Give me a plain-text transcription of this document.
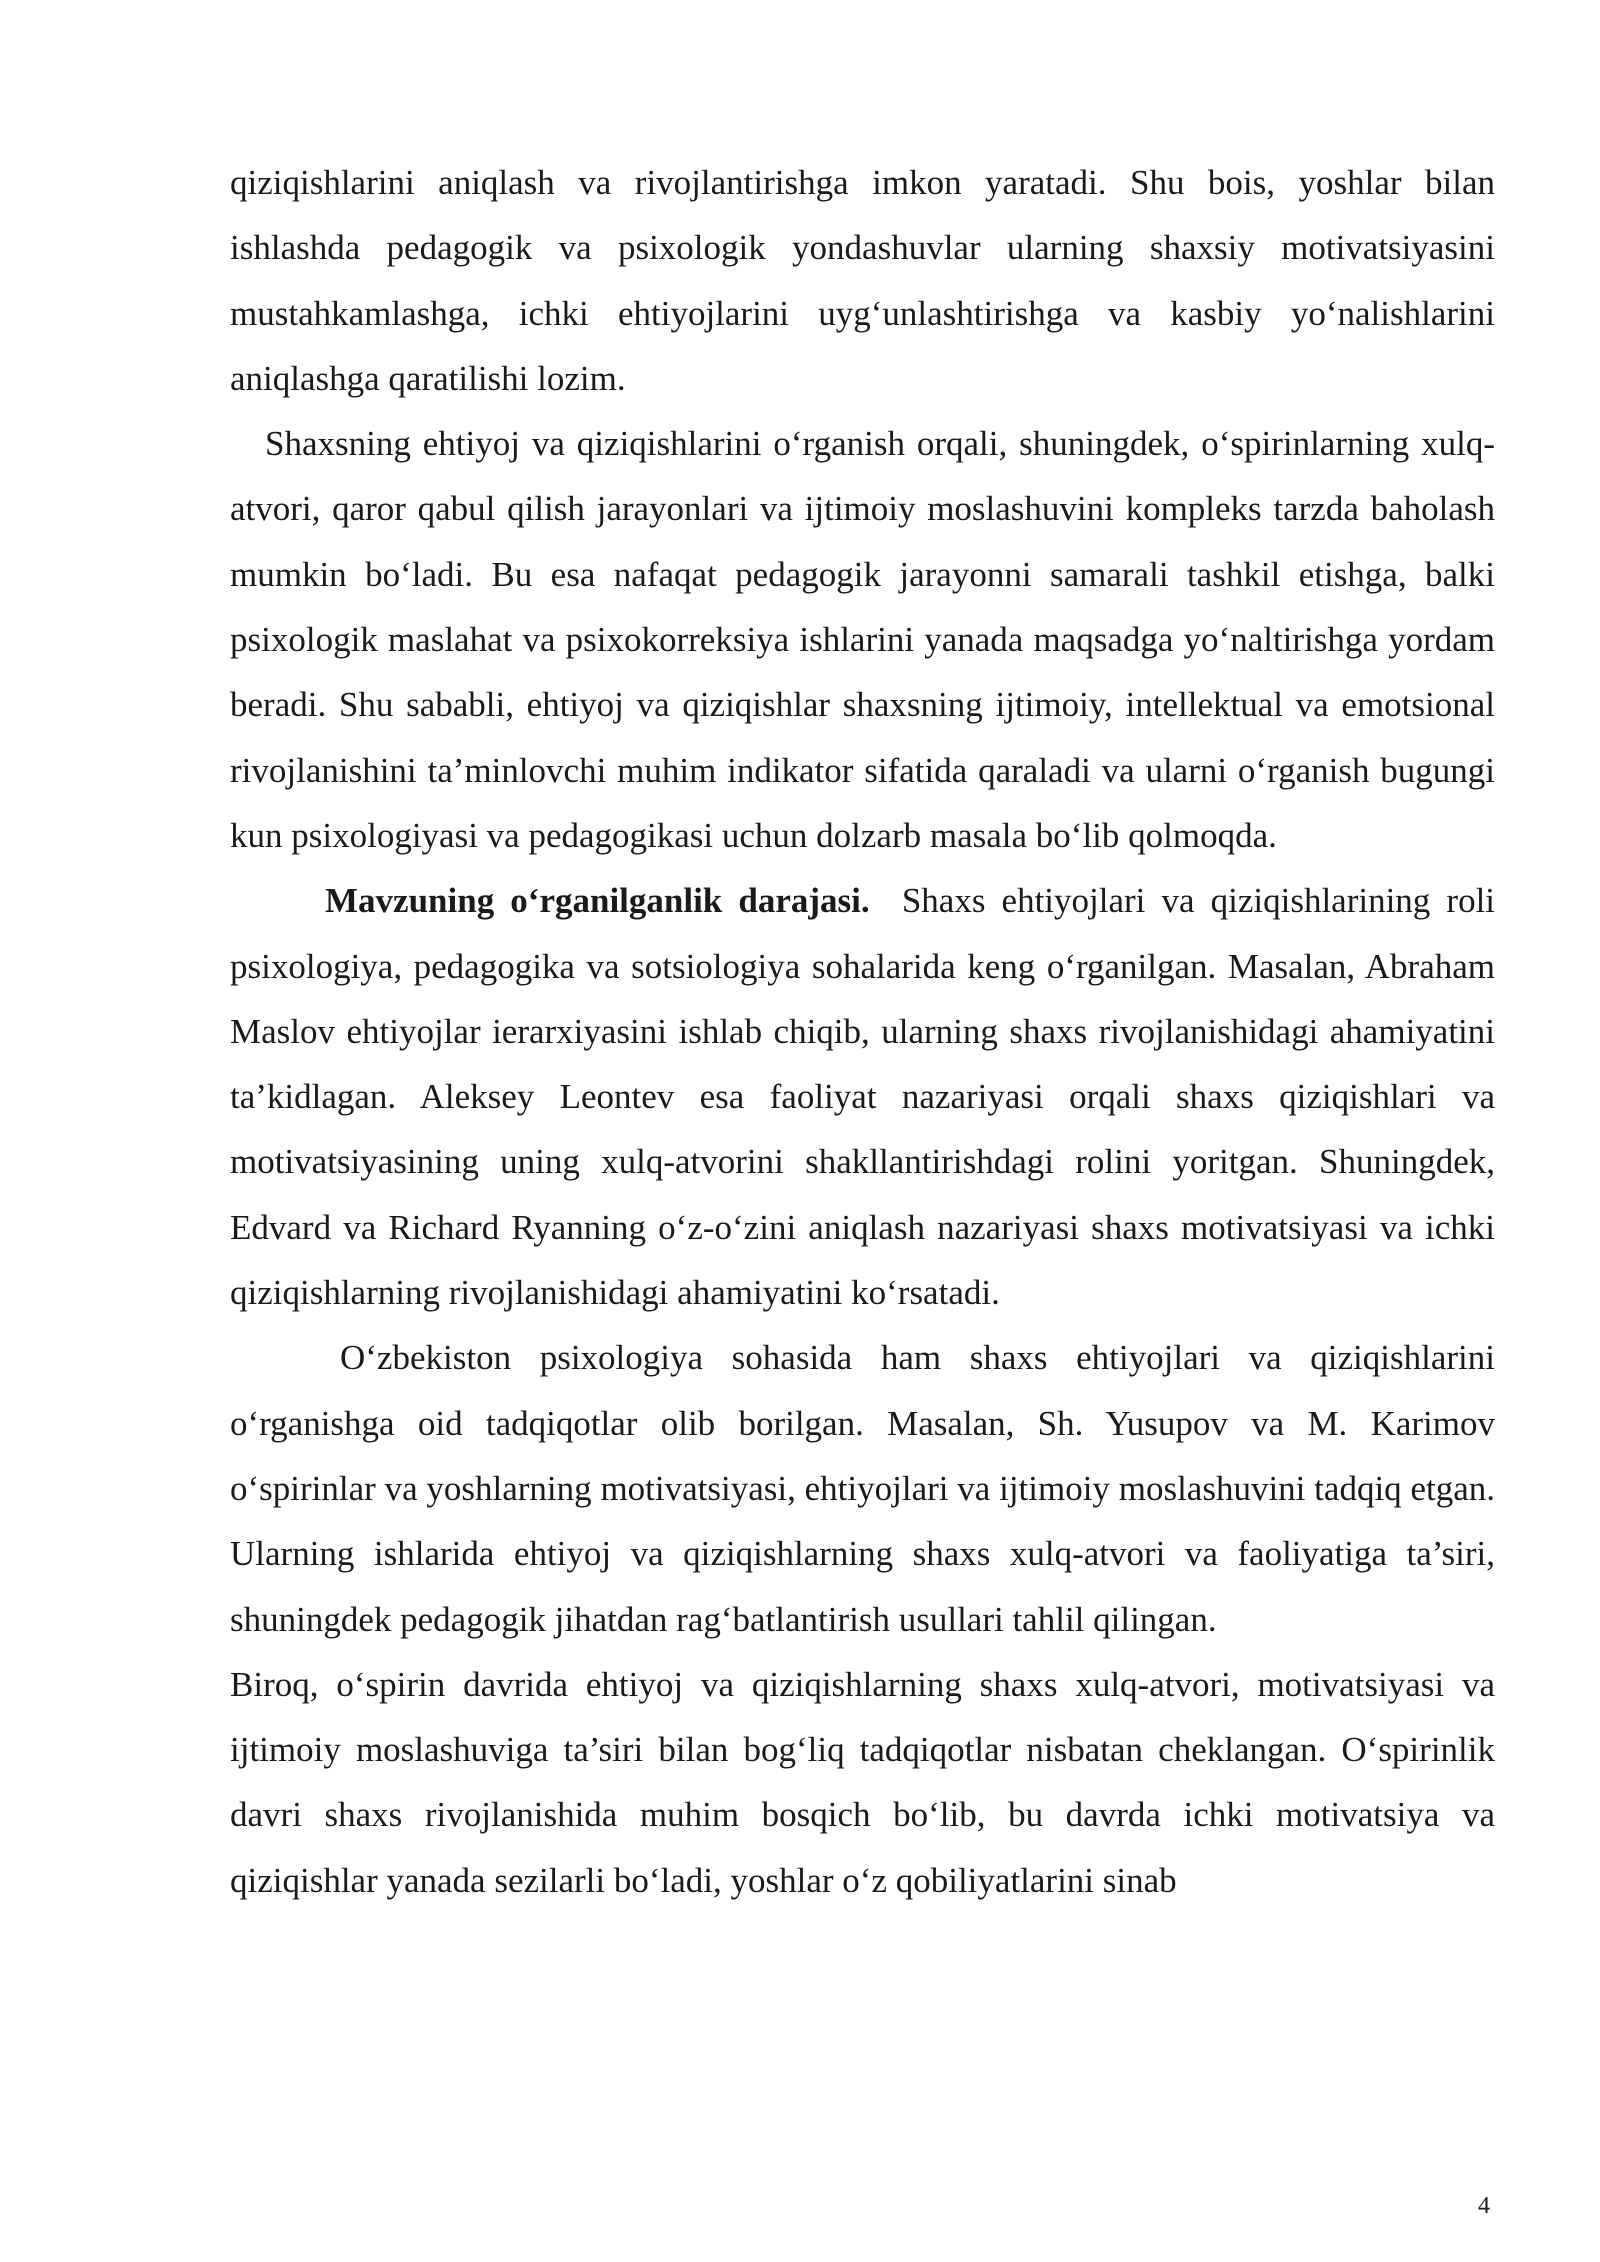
qiziqishlarini aniqlash va rivojlantirishga imkon yaratadi. Shu bois, yoshlar bilan ishlashda pedagogik va psixologik yondashuvlar ularning shaxsiy motivatsiyasini mustahkamlashga, ichki ehtiyojlarini uyg‘unlashtirishga va kasbiy yo‘nalishlarini aniqlashga qaratilishi lozim.

Shaxsning ehtiyoj va qiziqishlarini o‘rganish orqali, shuningdek, o‘spirinlarning xulq-atvori, qaror qabul qilish jarayonlari va ijtimoiy moslashuvini kompleks tarzda baholash mumkin bo‘ladi. Bu esa nafaqat pedagogik jarayonni samarali tashkil etishga, balki psixologik maslahat va psixokorreksiya ishlarini yanada maqsadga yo‘naltirishga yordam beradi. Shu sababli, ehtiyoj va qiziqishlar shaxsning ijtimoiy, intellektual va emotsional rivojlanishini ta’minlovchi muhim indikator sifatida qaraladi va ularni o‘rganish bugungi kun psixologiyasi va pedagogikasi uchun dolzarb masala bo‘lib qolmoqda.

Mavzuning o‘rganilganlik darajasi. Shaxs ehtiyojlari va qiziqishlarining roli psixologiya, pedagogika va sotsiologiya sohalarida keng o‘rganilgan. Masalan, Abraham Maslov ehtiyojlar ierarxiyasini ishlab chiqib, ularning shaxs rivojlanishidagi ahamiyatini ta’kidlagan. Aleksey Leontev esa faoliyat nazariyasi orqali shaxs qiziqishlari va motivatsiyasining uning xulq-atvorini shakllantirishdagi rolini yoritgan. Shuningdek, Edvard va Richard Ryanning o‘z-o‘zini aniqlash nazariyasi shaxs motivatsiyasi va ichki qiziqishlarning rivojlanishidagi ahamiyatini ko‘rsatadi.

O‘zbekiston psixologiya sohasida ham shaxs ehtiyojlari va qiziqishlarini o‘rganishga oid tadqiqotlar olib borilgan. Masalan, Sh. Yusupov va M. Karimov o‘spirinlar va yoshlarning motivatsiyasi, ehtiyojlari va ijtimoiy moslashuvini tadqiq etgan. Ularning ishlarida ehtiyoj va qiziqishlarning shaxs xulq-atvori va faoliyatiga ta’siri, shuningdek pedagogik jihatdan rag‘batlantirish usullari tahlil qilingan.

Biroq, o‘spirin davrida ehtiyoj va qiziqishlarning shaxs xulq-atvori, motivatsiyasi va ijtimoiy moslashuviga ta’siri bilan bog‘liq tadqiqotlar nisbatan cheklangan. O‘spirinlik davri shaxs rivojlanishida muhim bosqich bo‘lib, bu davrda ichki motivatsiya va qiziqishlar yanada sezilarli bo‘ladi, yoshlar o‘z qobiliyatlarini sinab

4
